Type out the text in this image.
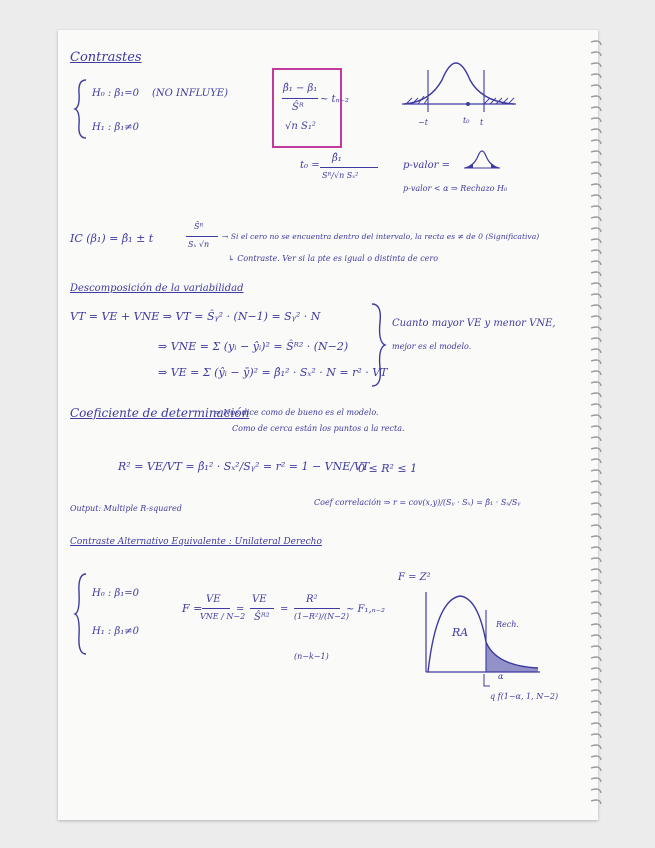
Contrastes
H₀ : β₁=0 (NO INFLUYE)
H₁ : β₁≠0
β̂₁ − β₁
Ŝᴿ
√n S₁²
~ tₙ₋₂
−t	t₀ t
t₀ =
β̂₁
Sᴿ/√n Sₓ²
p-valor =
p-valor < α ⇒ Rechazo H₀
IC (β₁) = β̂₁ ± t
Ŝᴿ
Sₓ √n
→ Si el cero no se encuentra dentro del intervalo, la recta es ≠ de 0 (Significativa)
↳ Contraste. Ver si la pte es igual o distinta de cero
Descomposición de la variabilidad
VT = VE + VNE ⇒ VT = Ŝᵧ² · (N−1) = Sᵧ² · N
⇒ VNE = Σ (yᵢ − ŷᵢ)² = Ŝᴿ² · (N−2)
⇒ VE = Σ (ŷᵢ − ȳ)² = β̂₁² · Sₓ² · N = r² · VT
Cuanto mayor VE y menor VNE,
mejor es el modelo.
Coeficiente de determinación
⇒ Nos dice como de bueno es el modelo.
Como de cerca están los puntos a la recta.
R² = VE/VT = β̂₁² · Sₓ²/Sᵧ² = r² = 1 − VNE/VT
0 ≤ R² ≤ 1
Output: Multiple R-squared
Coef correlación ⇒ r = cov(x,y)/(Sᵧ · Sₓ) = β̂₁ · Sₓ/Sᵧ
Contraste Alternativo Equivalente : Unilateral Derecho
H₀ : β₁=0
H₁ : β₁≠0
F =
VE
VNE / N−2
=
VE
Ŝᴿ²
=
R²
(1−R²)/(N−2)
~ F₁,ₙ₋₂
(n−k−1)
F = Z²
RA
Rech.
α
q f(1−α, 1, N−2)
